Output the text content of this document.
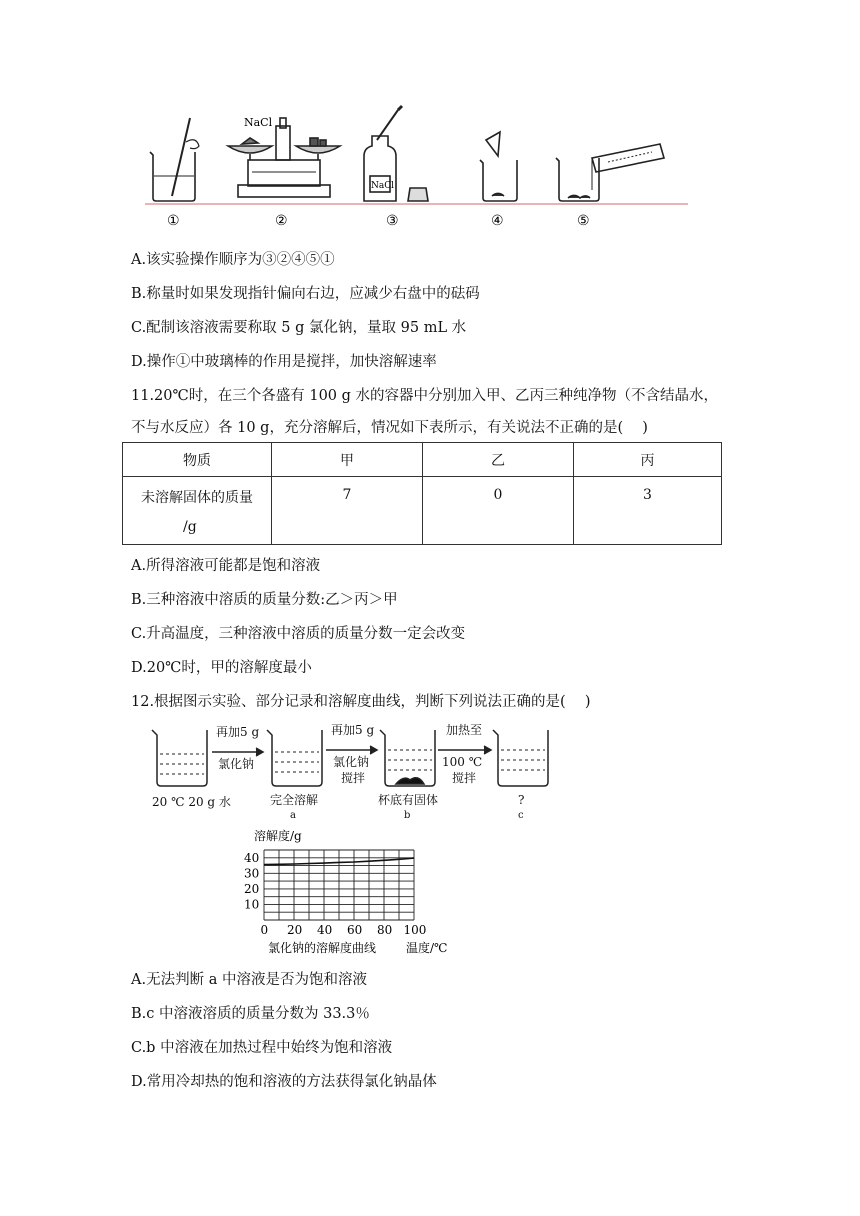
NaCl
NaCl
①	②	③	④	⑤
A.该实验操作顺序为③②④⑤①
B.称量时如果发现指针偏向右边，应减少右盘中的砝码
C.配制该溶液需要称取 5 g 氯化钠，量取 95 mL 水
D.操作①中玻璃棒的作用是搅拌，加快溶解速率
11.20℃时，在三个各盛有 100 g 水的容器中分别加入甲、乙丙三种纯净物（不含结晶水，
不与水反应）各 10 g，充分溶解后，情况如下表所示，有关说法不正确的是(　 )
物质	甲	乙	丙

未溶解固体的质量
/g	7	0	3
A.所得溶液可能都是饱和溶液
B.三种溶液中溶质的质量分数:乙＞丙＞甲
C.升高温度，三种溶液中溶质的质量分数一定会改变
D.20℃时，甲的溶解度最小
12.根据图示实验、部分记录和溶解度曲线，判断下列说法正确的是(　 )
再加5 g
氯化钠
再加5 g
氯化钠
搅拌
加热至
100 ℃
搅拌
20 ℃ 20 g 水	完全溶解
a
杯底有固体
b
?
c
溶解度/g
10
20
30
40
0 20 40 60 80 100
氯化钠的溶解度曲线 温度/℃
A.无法判断 a 中溶液是否为饱和溶液
B.c 中溶液溶质的质量分数为 33.3％
C.b 中溶液在加热过程中始终为饱和溶液
D.常用冷却热的饱和溶液的方法获得氯化钠晶体
